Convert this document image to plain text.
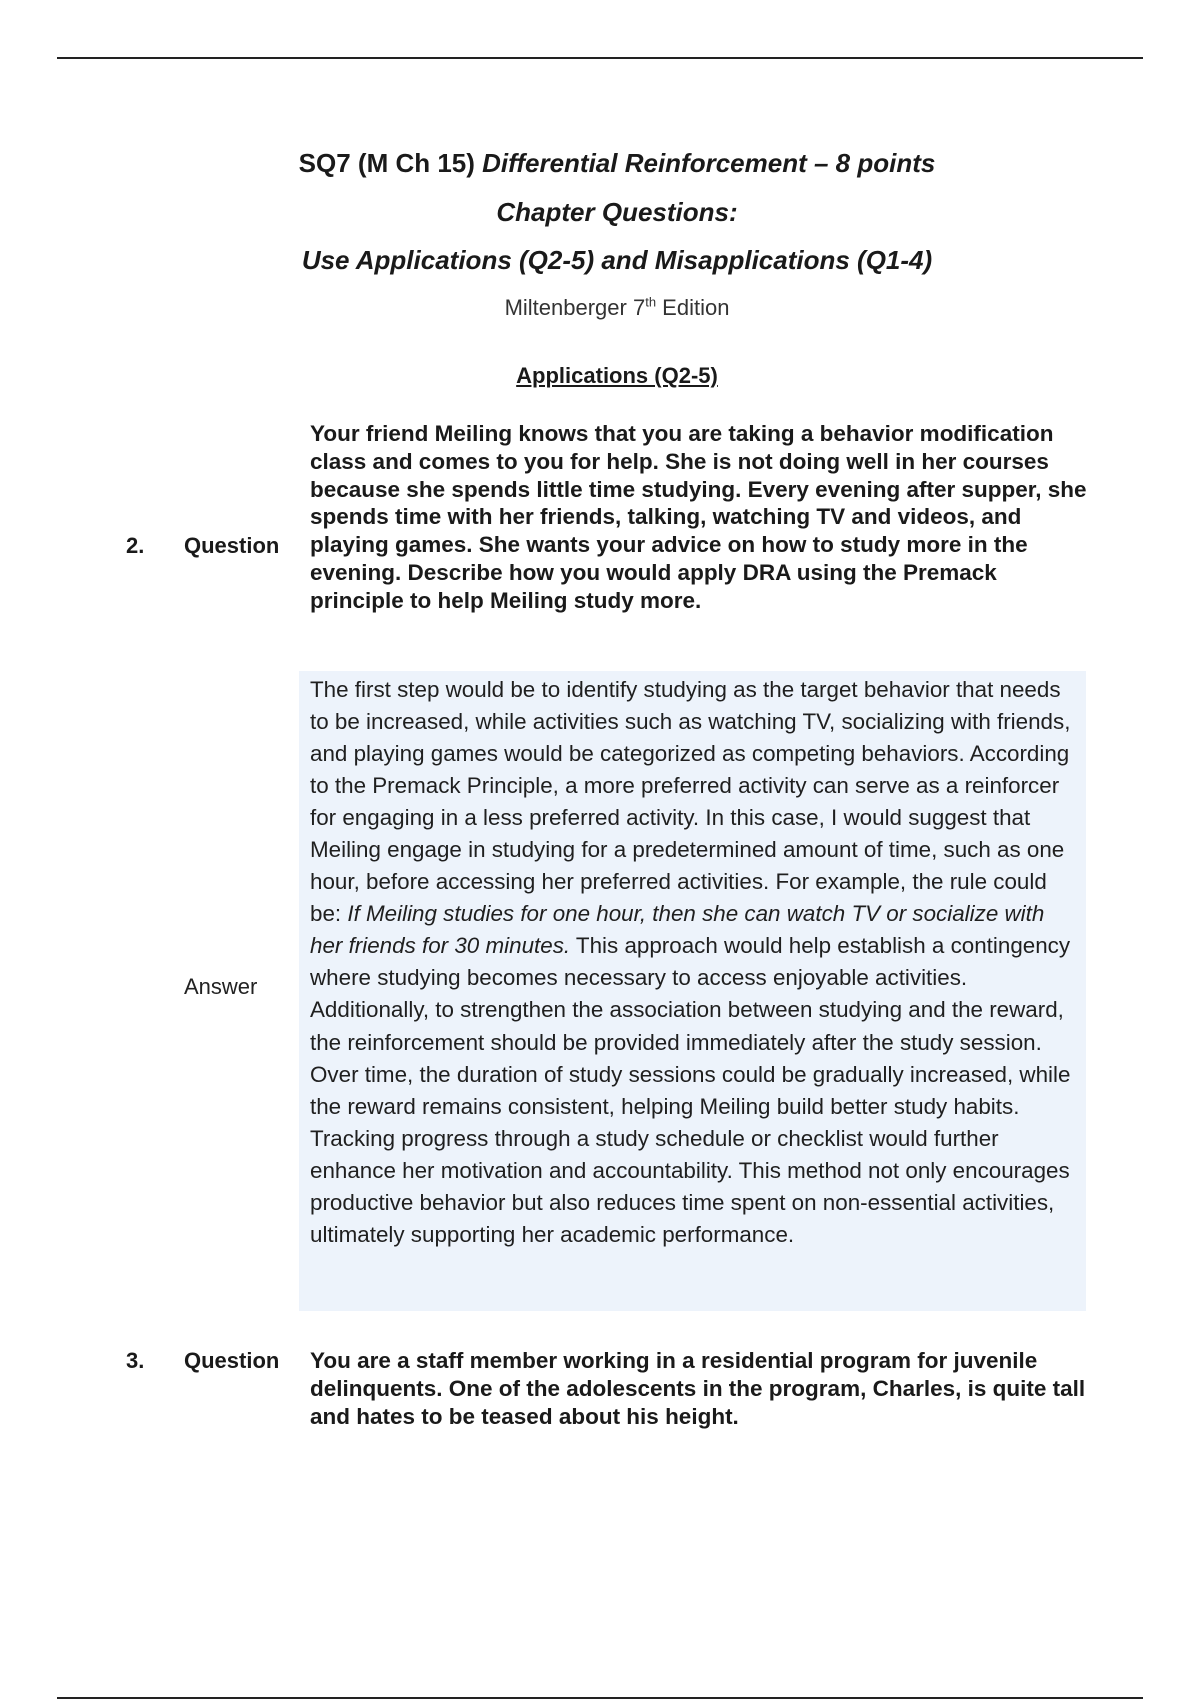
SQ7 (M Ch 15) Differential Reinforcement – 8 points
Chapter Questions:
Use Applications (Q2-5) and Misapplications (Q1-4)
Miltenberger 7th Edition
Applications (Q2-5)
2. Question
Your friend Meiling knows that you are taking a behavior modification class and comes to you for help. She is not doing well in her courses because she spends little time studying. Every evening after supper, she spends time with her friends, talking, watching TV and videos, and playing games. She wants your advice on how to study more in the evening. Describe how you would apply DRA using the Premack principle to help Meiling study more.
Answer
The first step would be to identify studying as the target behavior that needs to be increased, while activities such as watching TV, socializing with friends, and playing games would be categorized as competing behaviors. According to the Premack Principle, a more preferred activity can serve as a reinforcer for engaging in a less preferred activity. In this case, I would suggest that Meiling engage in studying for a predetermined amount of time, such as one hour, before accessing her preferred activities. For example, the rule could be: If Meiling studies for one hour, then she can watch TV or socialize with her friends for 30 minutes. This approach would help establish a contingency where studying becomes necessary to access enjoyable activities. Additionally, to strengthen the association between studying and the reward, the reinforcement should be provided immediately after the study session. Over time, the duration of study sessions could be gradually increased, while the reward remains consistent, helping Meiling build better study habits. Tracking progress through a study schedule or checklist would further enhance her motivation and accountability. This method not only encourages productive behavior but also reduces time spent on non-essential activities, ultimately supporting her academic performance.
3. Question You are a staff member working in a residential program for juvenile delinquents. One of the adolescents in the program, Charles, is quite tall and hates to be teased about his height.
